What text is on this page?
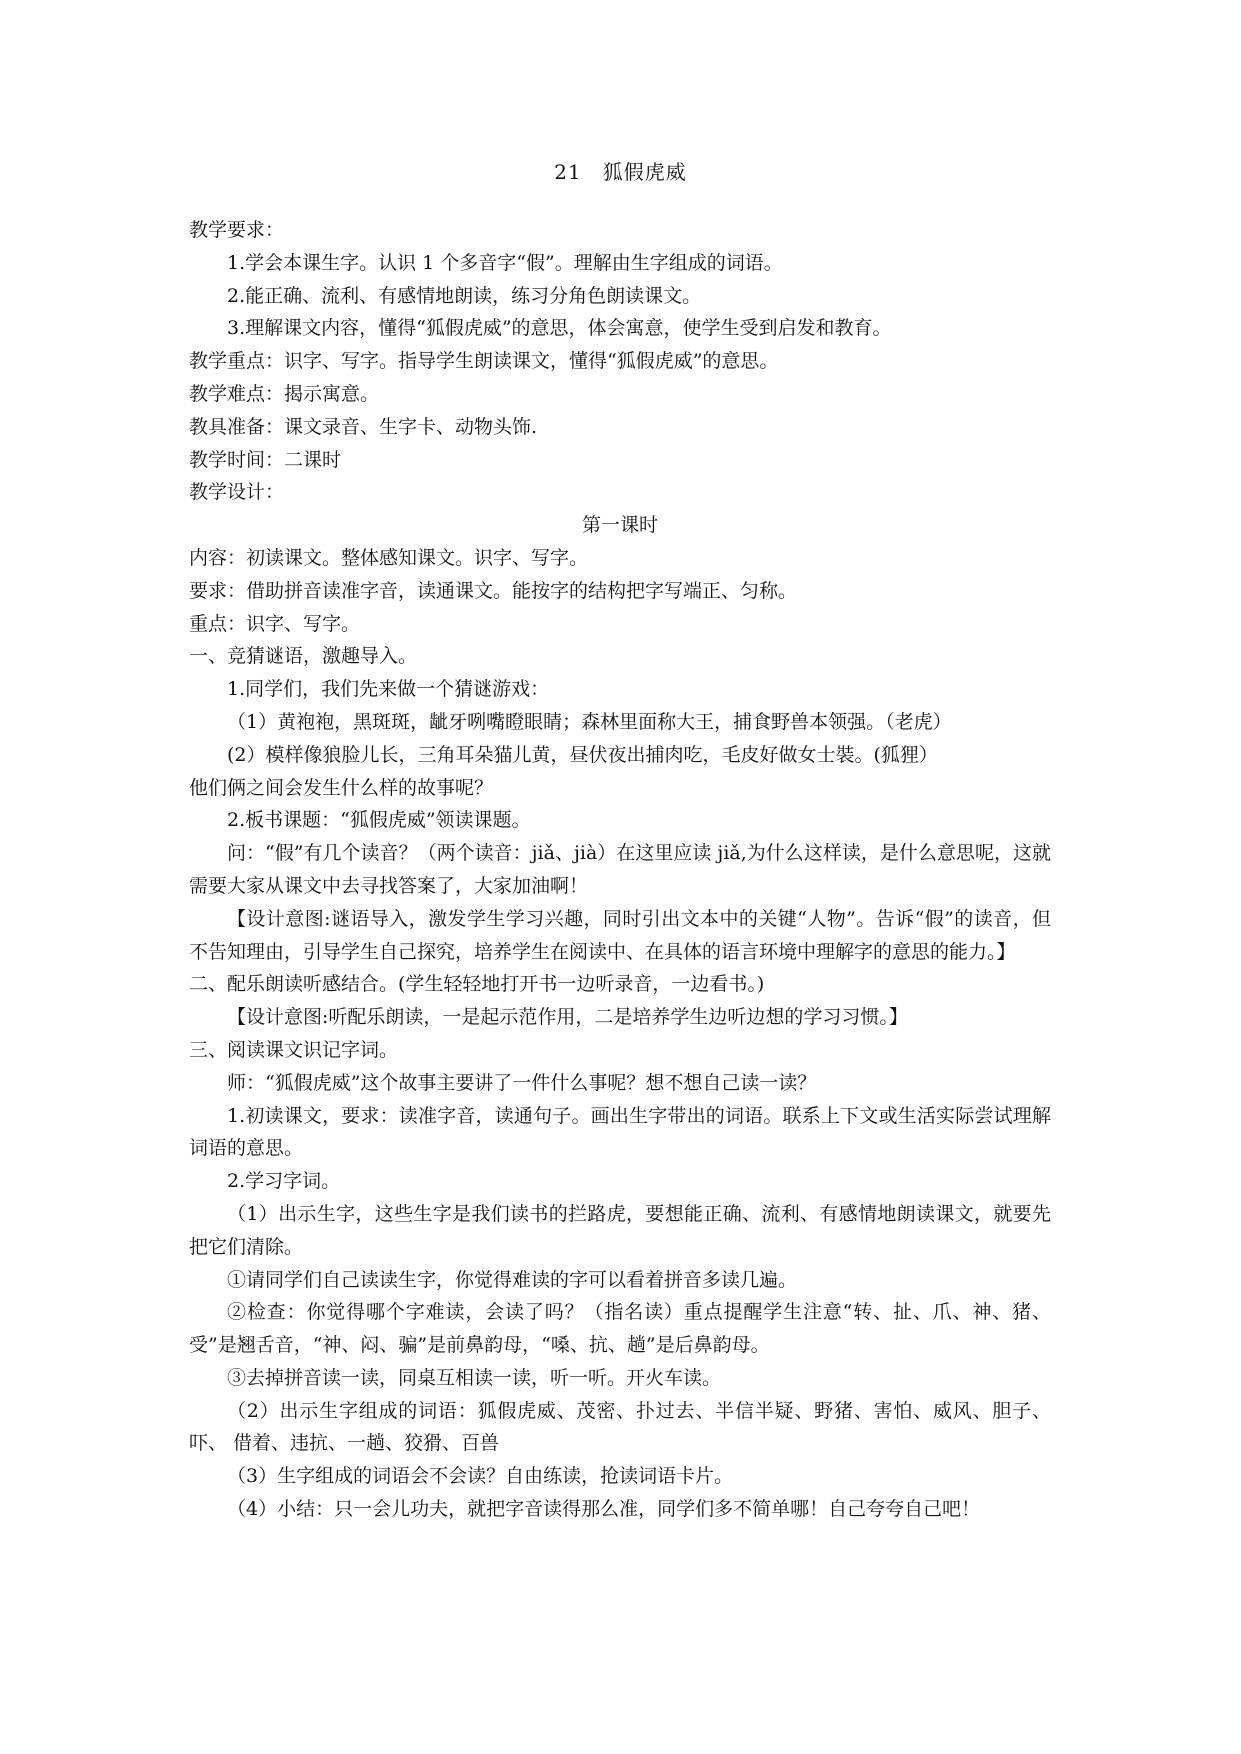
21　狐假虎威

教学要求：

1.学会本课生字。认识 1 个多音字“假”。理解由生字组成的词语。

2.能正确、流利、有感情地朗读，练习分角色朗读课文。

3.理解课文内容，懂得“狐假虎威”的意思，体会寓意，使学生受到启发和教育。

教学重点：识字、写字。指导学生朗读课文，懂得“狐假虎威”的意思。

教学难点：揭示寓意。

教具准备：课文录音、生字卡、动物头饰.

教学时间：二课时

教学设计：

第一课时

内容：初读课文。整体感知课文。识字、写字。

要求：借助拼音读准字音，读通课文。能按字的结构把字写端正、匀称。

重点：识字、写字。

一、竞猜谜语，激趣导入。

1.同学们，我们先来做一个猜谜游戏：

（1）黄袍袍，黑斑斑，龇牙咧嘴瞪眼睛；森林里面称大王，捕食野兽本领强。（老虎）

(2）模样像狼脸儿长，三角耳朵猫儿黄，昼伏夜出捕肉吃，毛皮好做女士裝。(狐狸）

他们俩之间会发生什么样的故事呢？

2.板书课题：“狐假虎威”领读课题。

问：“假”有几个读音？（两个读音：jiǎ、jià）在这里应读 jiǎ,为什么这样读，是什么意思呢，这就需要大家从课文中去寻找答案了，大家加油啊！

【设计意图:谜语导入，激发学生学习兴趣，同时引出文本中的关键“人物”。告诉“假”的读音，但不告知理由，引导学生自己探究，培养学生在阅读中、在具体的语言环境中理解字的意思的能力。】

二、配乐朗读听感结合。(学生轻轻地打开书一边听录音，一边看书。)

【设计意图:听配乐朗读，一是起示范作用，二是培养学生边听边想的学习习惯。】

三、阅读课文识记字词。

师：“狐假虎威”这个故事主要讲了一件什么事呢？想不想自己读一读？

1.初读课文，要求：读准字音，读通句子。画出生字带出的词语。联系上下文或生活实际尝试理解词语的意思。

2.学习字词。

（1）出示生字，这些生字是我们读书的拦路虎，要想能正确、流利、有感情地朗读课文，就要先把它们清除。

①请同学们自己读读生字，你觉得难读的字可以看着拼音多读几遍。

②检查：你觉得哪个字难读，会读了吗？（指名读）重点提醒学生注意“转、扯、爪、神、猪、受”是翘舌音，“神、闷、骗”是前鼻韵母，“嗓、抗、趟”是后鼻韵母。

③去掉拼音读一读，同桌互相读一读，听一听。开火车读。

（2）出示生字组成的词语：狐假虎威、茂密、扑过去、半信半疑、野猪、害怕、威风、胆子、 吓、 借着、违抗、一趟、狡猾、百兽

（3）生字组成的词语会不会读？自由练读，抢读词语卡片。

（4）小结：只一会儿功夫，就把字音读得那么准，同学们多不简单哪！自己夸夸自己吧！
